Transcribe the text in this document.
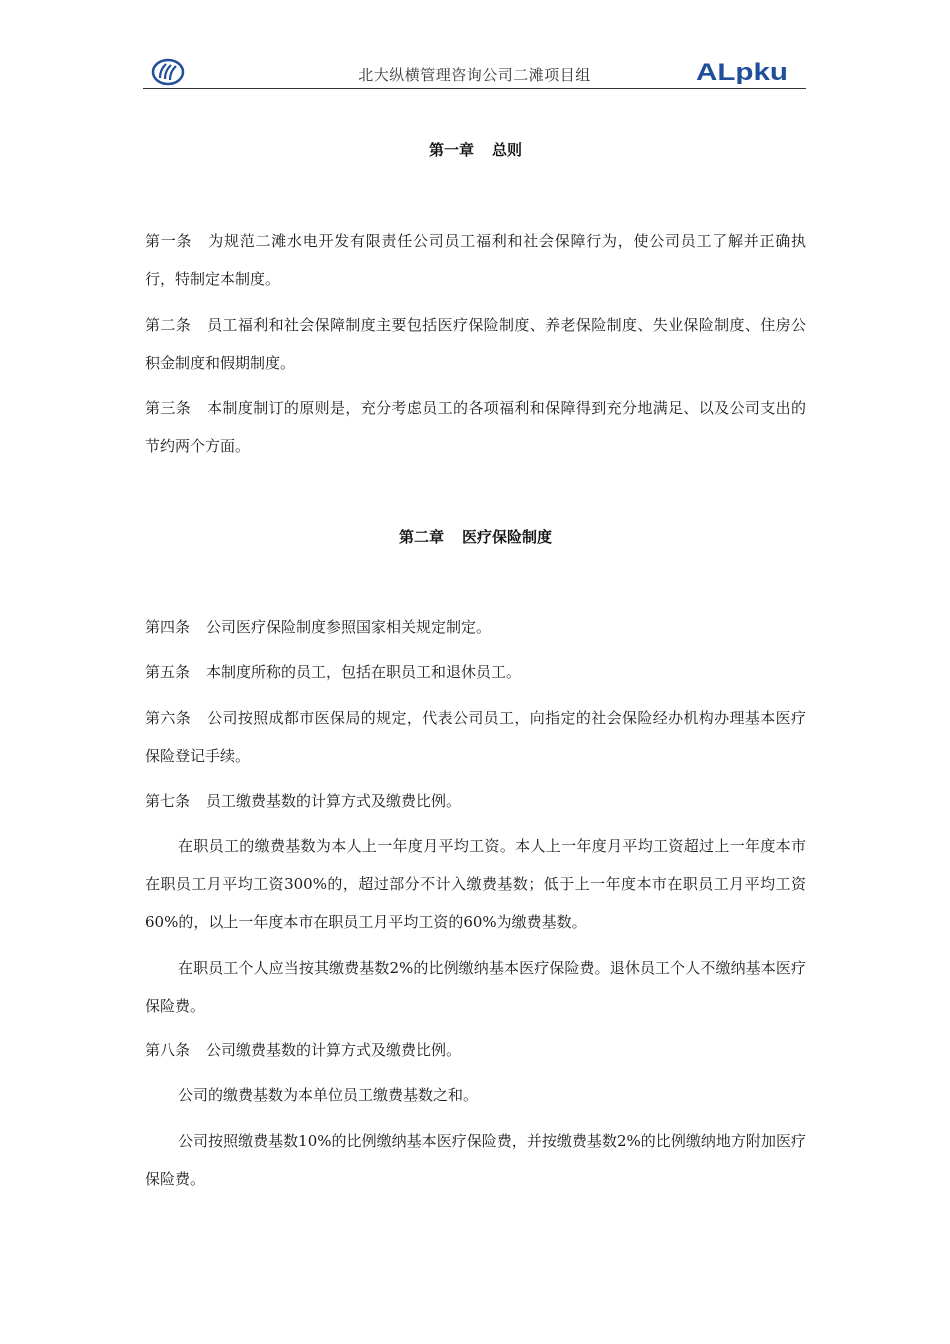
北大纵横管理咨询公司二滩项目组	ALpku
第一章 总则
第一条 为规范二滩水电开发有限责任公司员工福利和社会保障行为，使公司员工了解并正确执行，特制定本制度。
第二条 员工福利和社会保障制度主要包括医疗保险制度、养老保险制度、失业保险制度、住房公积金制度和假期制度。
第三条 本制度制订的原则是，充分考虑员工的各项福利和保障得到充分地满足、以及公司支出的节约两个方面。
第二章 医疗保险制度
第四条 公司医疗保险制度参照国家相关规定制定。
第五条 本制度所称的员工，包括在职员工和退休员工。
第六条 公司按照成都市医保局的规定，代表公司员工，向指定的社会保险经办机构办理基本医疗保险登记手续。
第七条 员工缴费基数的计算方式及缴费比例。
在职员工的缴费基数为本人上一年度月平均工资。本人上一年度月平均工资超过上一年度本市在职员工月平均工资300%的，超过部分不计入缴费基数；低于上一年度本市在职员工月平均工资60%的，以上一年度本市在职员工月平均工资的60%为缴费基数。
在职员工个人应当按其缴费基数2%的比例缴纳基本医疗保险费。退休员工个人不缴纳基本医疗保险费。
第八条 公司缴费基数的计算方式及缴费比例。
公司的缴费基数为本单位员工缴费基数之和。
公司按照缴费基数10%的比例缴纳基本医疗保险费，并按缴费基数2%的比例缴纳地方附加医疗保险费。
